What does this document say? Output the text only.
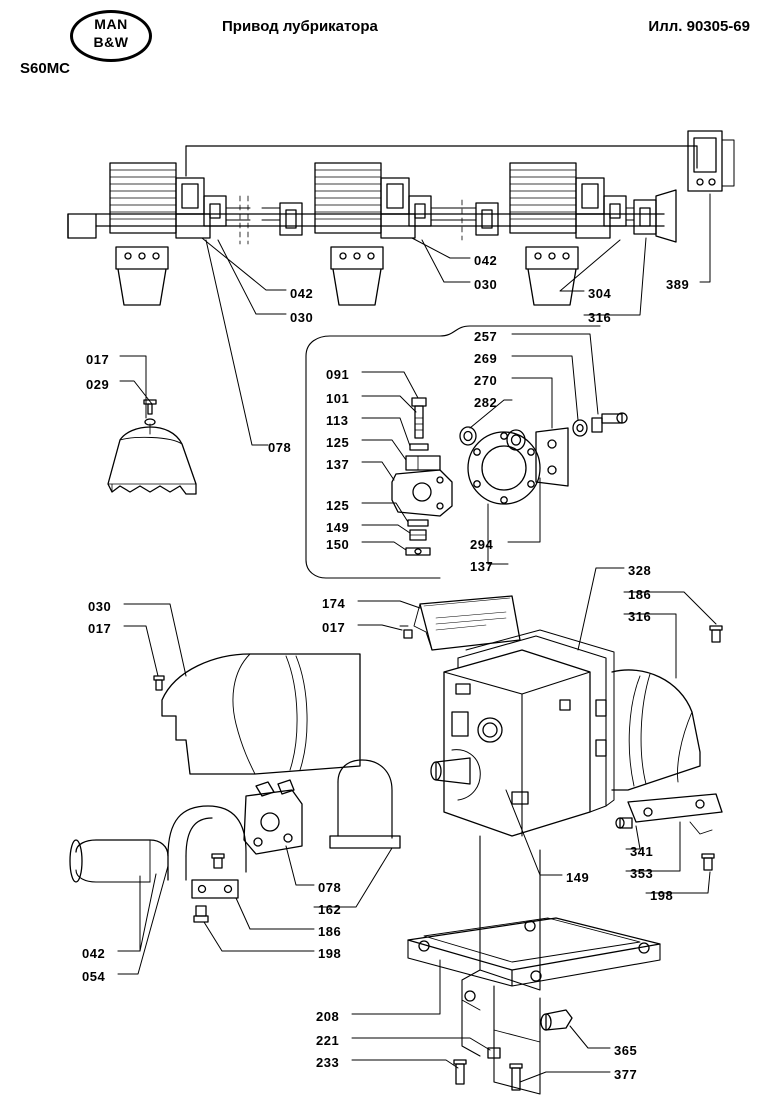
MAN
B&W
S60MC
Привод лубрикатора	Илл. 90305-69
017
029
042
030
042
030
304
316
389
078
091
101
113
125
137
125
149
150
257
269
270
282
294
137
030
017
174
017
328
186
316
078
162
186
198
042
054
149
341
353
198
208
221
233
365
377
